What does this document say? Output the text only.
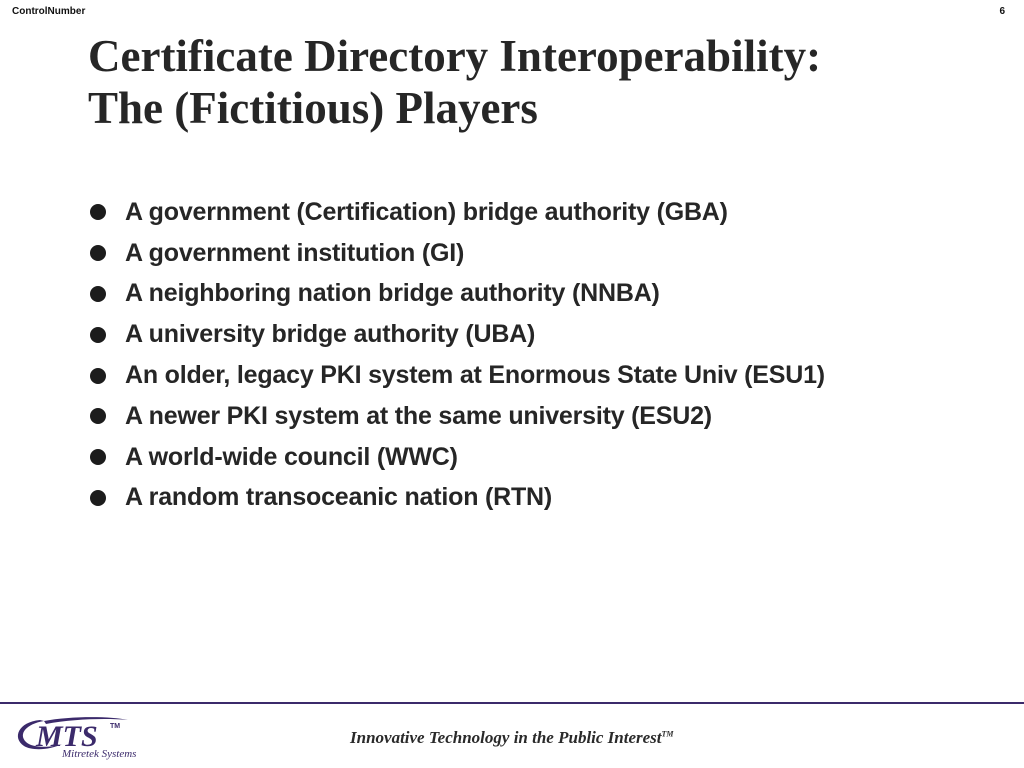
ControlNumber	6
Certificate Directory Interoperability:
The (Fictitious) Players
A government (Certification) bridge authority (GBA)
A government institution (GI)
A neighboring nation bridge authority (NNBA)
A university bridge authority (UBA)
An older, legacy PKI system at Enormous State Univ (ESU1)
A newer PKI system at the same university (ESU2)
A world-wide council (WWC)
A random transoceanic nation (RTN)
MTS TM
Mitretek Systems
Innovative Technology in the Public Interest™
